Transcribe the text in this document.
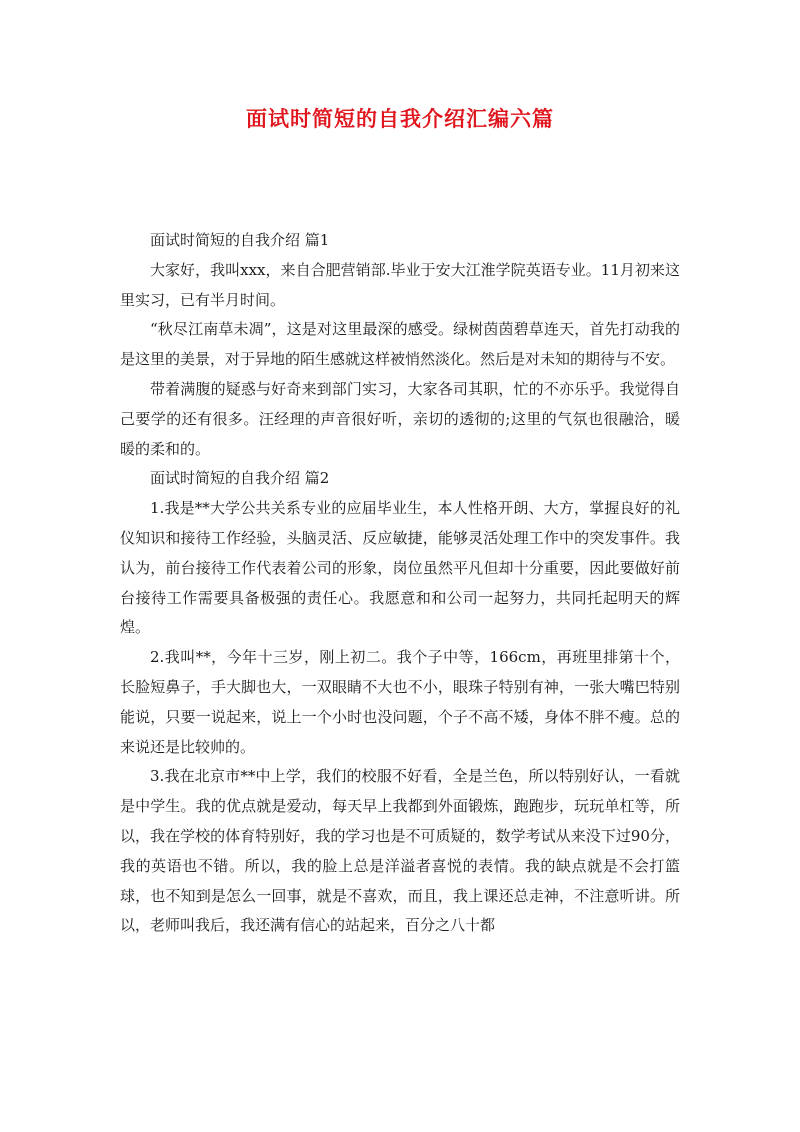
面试时简短的自我介绍汇编六篇

面试时简短的自我介绍 篇1

大家好，我叫xxx，来自合肥营销部.毕业于安大江淮学院英语专业。11月初来这里实习，已有半月时间。

“秋尽江南草未凋”，这是对这里最深的感受。绿树茵茵碧草连天，首先打动我的是这里的美景，对于异地的陌生感就这样被悄然淡化。然后是对未知的期待与不安。

带着满腹的疑惑与好奇来到部门实习，大家各司其职，忙的不亦乐乎。我觉得自己要学的还有很多。汪经理的声音很好听，亲切的透彻的;这里的气氛也很融洽，暖暖的柔和的。

面试时简短的自我介绍 篇2

1.我是**大学公共关系专业的应届毕业生，本人性格开朗、大方，掌握良好的礼仪知识和接待工作经验，头脑灵活、反应敏捷，能够灵活处理工作中的突发事件。我认为，前台接待工作代表着公司的形象，岗位虽然平凡但却十分重要，因此要做好前台接待工作需要具备极强的责任心。我愿意和和公司一起努力，共同托起明天的辉煌。

2.我叫**，今年十三岁，刚上初二。我个子中等，166cm，再班里排第十个，长脸短鼻子，手大脚也大，一双眼睛不大也不小，眼珠子特别有神，一张大嘴巴特别能说，只要一说起来，说上一个小时也没问题，个子不高不矮，身体不胖不瘦。总的来说还是比较帅的。

3.我在北京市**中上学，我们的校服不好看，全是兰色，所以特别好认，一看就是中学生。我的优点就是爱动，每天早上我都到外面锻炼，跑跑步，玩玩单杠等，所以，我在学校的体育特别好，我的学习也是不可质疑的，数学考试从来没下过90分，我的英语也不错。所以，我的脸上总是洋溢者喜悦的表情。我的缺点就是不会打篮球，也不知到是怎么一回事，就是不喜欢，而且，我上课还总走神，不注意听讲。所以，老师叫我后，我还满有信心的站起来，百分之八十都
